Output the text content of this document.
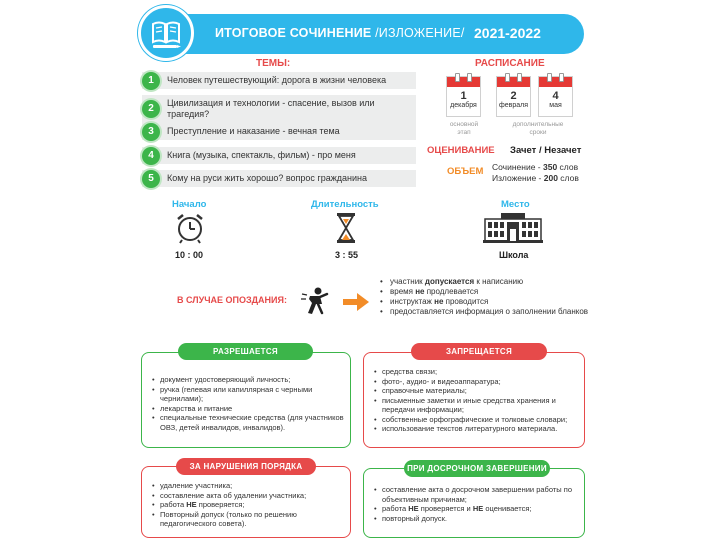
ИТОГОВОЕ СОЧИНЕНИЕ /ИЗЛОЖЕНИЕ/ 2021-2022
ТЕМЫ:
1	Человек путешествующий: дорога в жизни человека
2	Цивилизация и технологии - спасение, вызов или трагедия?
3	Преступление и наказание - вечная тема
4	Книга (музыка, спектакль, фильм) - про меня
5	Кому на руси жить хорошо? вопрос гражданина
РАСПИСАНИЕ
1
декабря
2
февраля
4
мая
основной
этап
дополнительные
сроки
ОЦЕНИВАНИЕ Зачет / Незачет
ОБЪЕМ Сочинение - 350 слов
Изложение - 200 слов
Начало
10 : 00
Длительность
3 : 55
Место
Школа
В СЛУЧАЕ ОПОЗДАНИЯ:
• участник допускается к написанию
• время не продлевается
• инструктаж не проводится
• предоставляется информация о заполнении бланков
• документ удостоверяющий личность;
• ручка (гелевая или капиллярная с черными чернилами);
• лекарства и питание
• специальные технические средства (для участников ОВЗ, детей инвалидов, инвалидов).
РАЗРЕШАЕТСЯ
• средства связи;
• фото-, аудио- и видеоаппаратура;
• справочные материалы;
• письменные заметки и иные средства хранения и передачи информации;
• собственные орфографические и толковые словари;
• использование текстов литературного материала.
ЗАПРЕЩАЕТСЯ
• удаление участника;
• составление акта об удалении участника;
• работа НЕ проверяется;
• Повторный допуск (только по решению педагогического совета).
ЗА НАРУШЕНИЯ ПОРЯДКА
• составление акта о досрочном завершении работы по объективным причинам;
• работа НЕ проверяется и НЕ оценивается;
• повторный допуск.
ПРИ ДОСРОЧНОМ ЗАВЕРШЕНИИ
